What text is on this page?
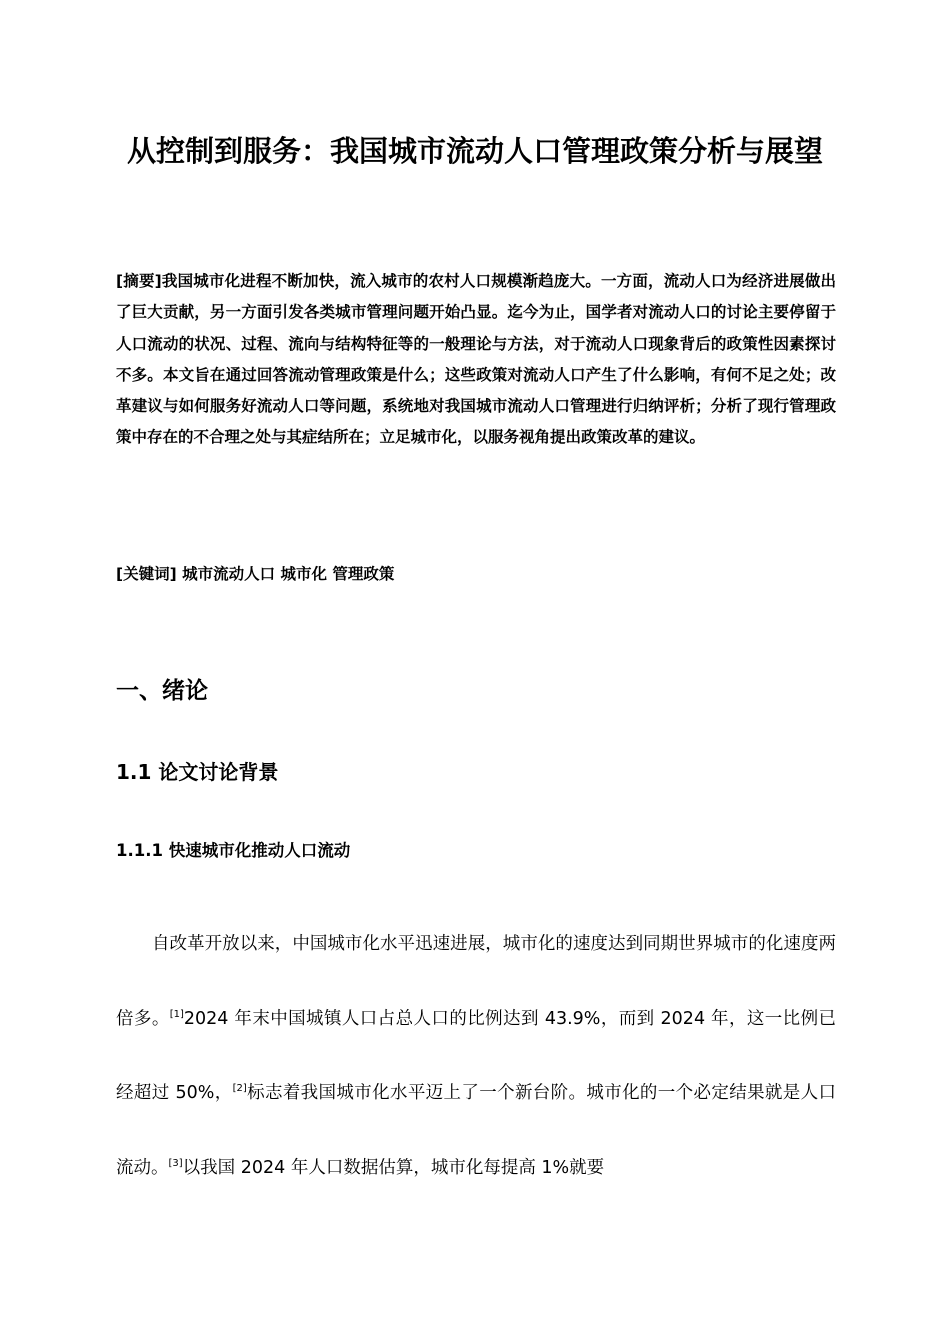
从控制到服务：我国城市流动人口管理政策分析与展望

[摘要]我国城市化进程不断加快，流入城市的农村人口规模渐趋庞大。一方面，流动人口为经济进展做出了巨大贡献，另一方面引发各类城市管理问题开始凸显。迄今为止，国学者对流动人口的讨论主要停留于人口流动的状况、过程、流向与结构特征等的一般理论与方法，对于流动人口现象背后的政策性因素探讨不多。本文旨在通过回答流动管理政策是什么；这些政策对流动人口产生了什么影响，有何不足之处；改革建议与如何服务好流动人口等问题，系统地对我国城市流动人口管理进行归纳评析；分析了现行管理政策中存在的不合理之处与其症结所在；立足城市化，以服务视角提出政策改革的建议。

[关键词] 城市流动人口 城市化 管理政策

一、绪论
1.1 论文讨论背景
1.1.1 快速城市化推动人口流动

自改革开放以来，中国城市化水平迅速进展，城市化的速度达到同期世界城市的化速度两倍多。[1]2024 年末中国城镇人口占总人口的比例达到 43.9%，而到 2024 年，这一比例已经超过 50%，[2]标志着我国城市化水平迈上了一个新台阶。城市化的一个必定结果就是人口流动。[3]以我国 2024 年人口数据估算，城市化每提高 1%就要
